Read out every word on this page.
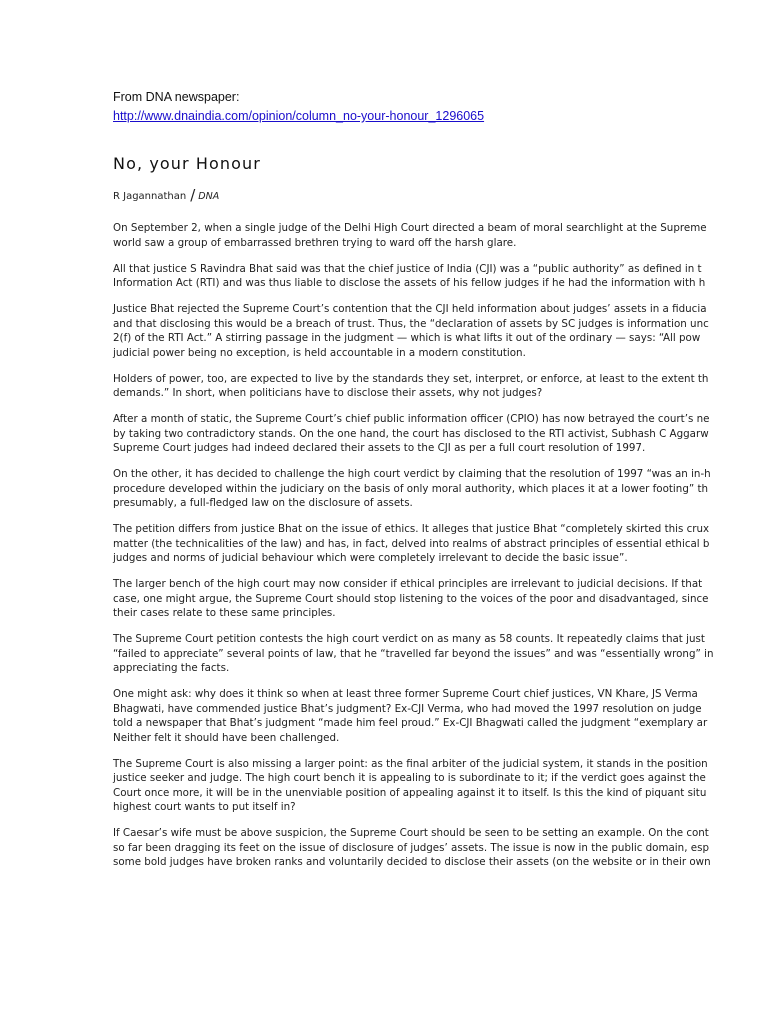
From DNA newspaper:

http://www.dnaindia.com/opinion/column_no-your-honour_1296065
No, your Honour
R Jagannathan / DNA

On September 2, when a single judge of the Delhi High Court directed a beam of moral searchlight at the Supreme
world saw a group of embarrassed brethren trying to ward off the harsh glare.

All that justice S Ravindra Bhat said was that the chief justice of India (CJI) was a “public authority” as defined in t
Information Act (RTI) and was thus liable to disclose the assets of his fellow judges if he had the information with h

Justice Bhat rejected the Supreme Court’s contention that the CJI held information about judges’ assets in a fiducia
and that disclosing this would be a breach of trust. Thus, the “declaration of assets by SC judges is information unc
2(f) of the RTI Act.” A stirring passage in the judgment — which is what lifts it out of the ordinary — says: “All pow
judicial power being no exception, is held accountable in a modern constitution.

Holders of power, too, are expected to live by the standards they set, interpret, or enforce, at least to the extent th
demands.” In short, when politicians have to disclose their assets, why not judges?

After a month of static, the Supreme Court’s chief public information officer (CPIO) has now betrayed the court’s ne
by taking two contradictory stands. On the one hand, the court has disclosed to the RTI activist, Subhash C Aggarw
Supreme Court judges had indeed declared their assets to the CJI as per a full court resolution of 1997.

On the other, it has decided to challenge the high court verdict by claiming that the resolution of 1997 “was an in-h
procedure developed within the judiciary on the basis of only moral authority, which places it at a lower footing” th
presumably, a full-fledged law on the disclosure of assets.

The petition differs from justice Bhat on the issue of ethics. It alleges that justice Bhat “completely skirted this crux
matter (the technicalities of the law) and has, in fact, delved into realms of abstract principles of essential ethical b
judges and norms of judicial behaviour which were completely irrelevant to decide the basic issue”.

The larger bench of the high court may now consider if ethical principles are irrelevant to judicial decisions. If that
case, one might argue, the Supreme Court should stop listening to the voices of the poor and disadvantaged, since
their cases relate to these same principles.

The Supreme Court petition contests the high court verdict on as many as 58 counts. It repeatedly claims that just
“failed to appreciate” several points of law, that he “travelled far beyond the issues” and was “essentially wrong” in
appreciating the facts.

One might ask: why does it think so when at least three former Supreme Court chief justices, VN Khare, JS Verma
Bhagwati, have commended justice Bhat’s judgment? Ex-CJI Verma, who had moved the 1997 resolution on judge
told a newspaper that Bhat’s judgment “made him feel proud.” Ex-CJI Bhagwati called the judgment “exemplary ar
Neither felt it should have been challenged.

The Supreme Court is also missing a larger point: as the final arbiter of the judicial system, it stands in the position
justice seeker and judge. The high court bench it is appealing to is subordinate to it; if the verdict goes against the
Court once more, it will be in the unenviable position of appealing against it to itself. Is this the kind of piquant situ
highest court wants to put itself in?

If Caesar’s wife must be above suspicion, the Supreme Court should be seen to be setting an example. On the cont
so far been dragging its feet on the issue of disclosure of judges’ assets. The issue is now in the public domain, esp
some bold judges have broken ranks and voluntarily decided to disclose their assets (on the website or in their own
